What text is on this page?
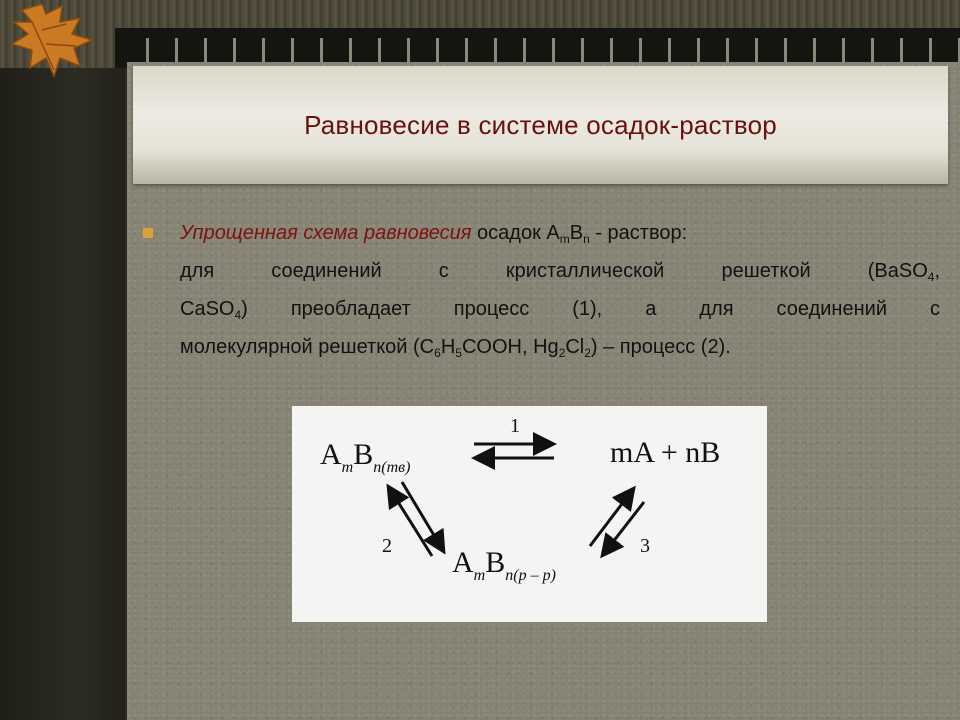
Равновесие в системе осадок-раствор
Упрощенная схема равновесия осадок $A_mB_n$ - раствор:
для соединений с кристаллической решеткой (BaSO$_4$,
CaSO$_4$) преобладает процесс (1), а для соединений с
молекулярной решеткой ($C_6H_5COOH$, $Hg_2Cl_2$) – процесс (2).
$A_mB_{n(тв)}$	mA + nB
$A_mB_{n(р - р)}$
1
2	3
